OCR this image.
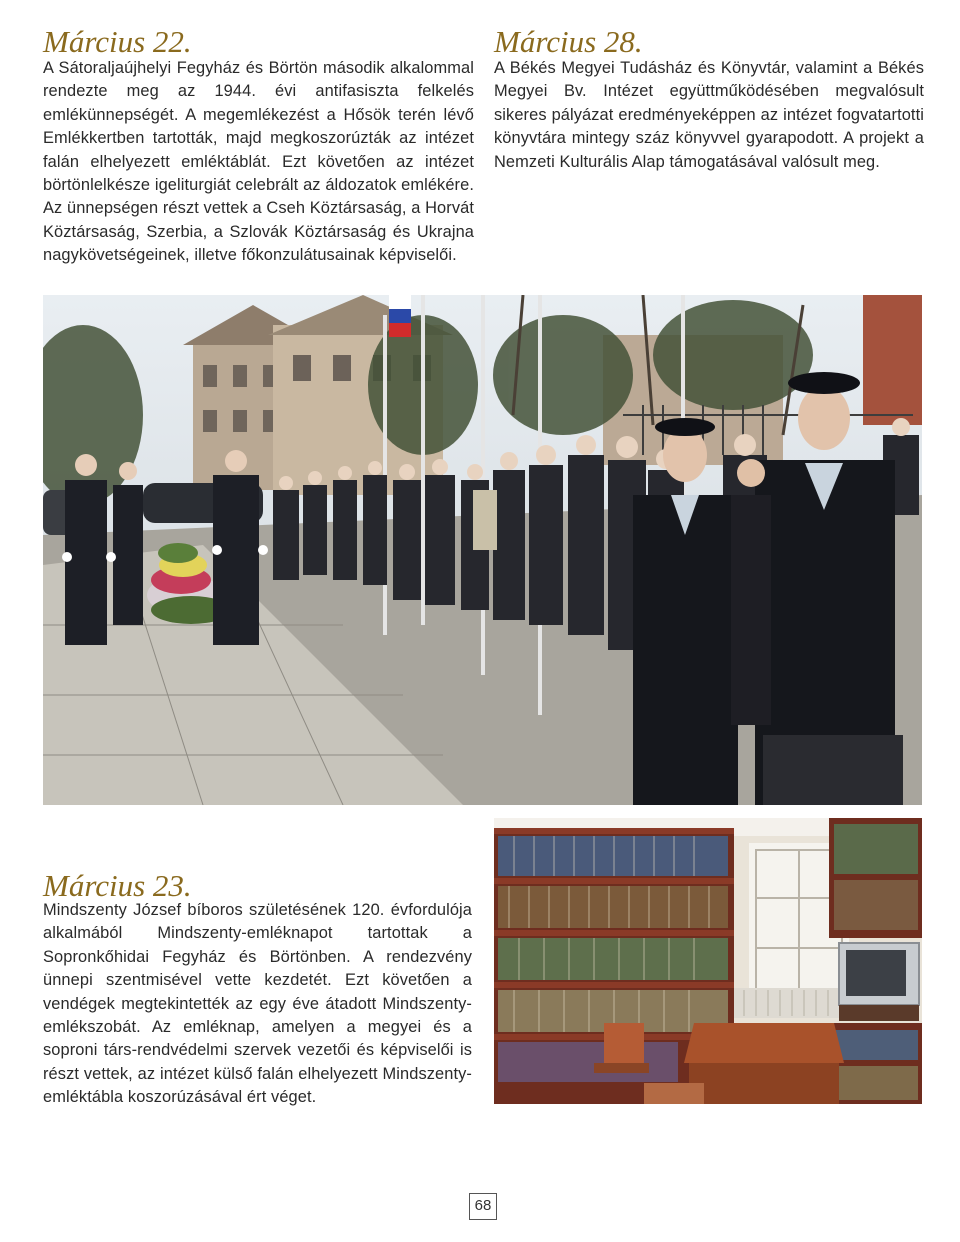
Március 22.

A Sátoraljaújhelyi Fegyház és Börtön második alkalommal rendezte meg az 1944. évi antifasiszta felkelés emlékünnepségét. A megemlékezést a Hősök terén lévő Emlékkertben tartották, majd megkoszorúzták az intézet falán elhelyezett emléktáblát. Ezt követően az intézet börtönlelkésze igeliturgiát celebrált az áldozatok emlékére. Az ünnepségen részt vettek a Cseh Köztársaság, a Horvát Köztársaság, Szerbia, a Szlovák Köztársaság és Ukrajna nagykövetségeinek, illetve főkonzulátusainak képviselői.

Március 28.

A Békés Megyei Tudásház és Könyvtár, valamint a Békés Megyei Bv. Intézet együttműködésében megvalósult sikeres pályázat eredményeképpen az intézet fogvatartotti könyvtára mintegy száz könyvvel gyarapodott. A projekt a Nemzeti Kulturális Alap támogatásával valósult meg.

Március 23.

Mindszenty József bíboros születésének 120. évfordulója alkalmából Mindszenty-emléknapot tartottak a Sopronkőhidai Fegyház és Börtönben. A rendezvény ünnepi szentmisével vette kezdetét. Ezt követően a vendégek megtekintették az egy éve átadott Mindszenty-emlékszobát. Az emléknap, amelyen a megyei és a soproni társ-rendvédelmi szervek vezetői és képviselői is részt vettek, az intézet külső falán elhelyezett Mindszenty-emléktábla koszorúzásával ért véget.

68
